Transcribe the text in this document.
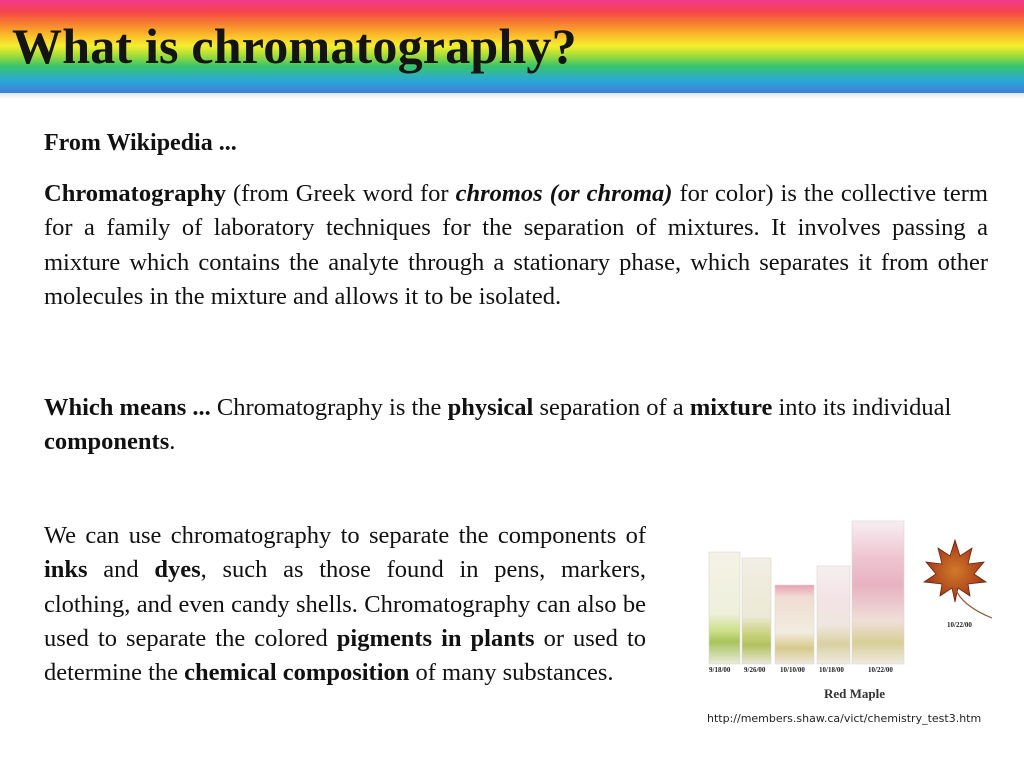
What is chromatography?

From Wikipedia ...

Chromatography (from Greek word for chromos (or chroma) for color) is the collective term for a family of laboratory techniques for the separation of mixtures. It involves passing a mixture which contains the analyte through a stationary phase, which separates it from other molecules in the mixture and allows it to be isolated.

Which means ... Chromatography is the physical separation of a mixture into its individual components.

We can use chromatography to separate the components of inks and dyes, such as those found in pens, markers, clothing, and even candy shells. Chromatography can also be used to separate the colored pigments in plants or used to determine the chemical composition of many substances.	9/18/00 9/26/00 10/10/00 10/18/00	10/22/00
10/22/00
Red Maple
http://members.shaw.ca/vict/chemistry_test3.htm
